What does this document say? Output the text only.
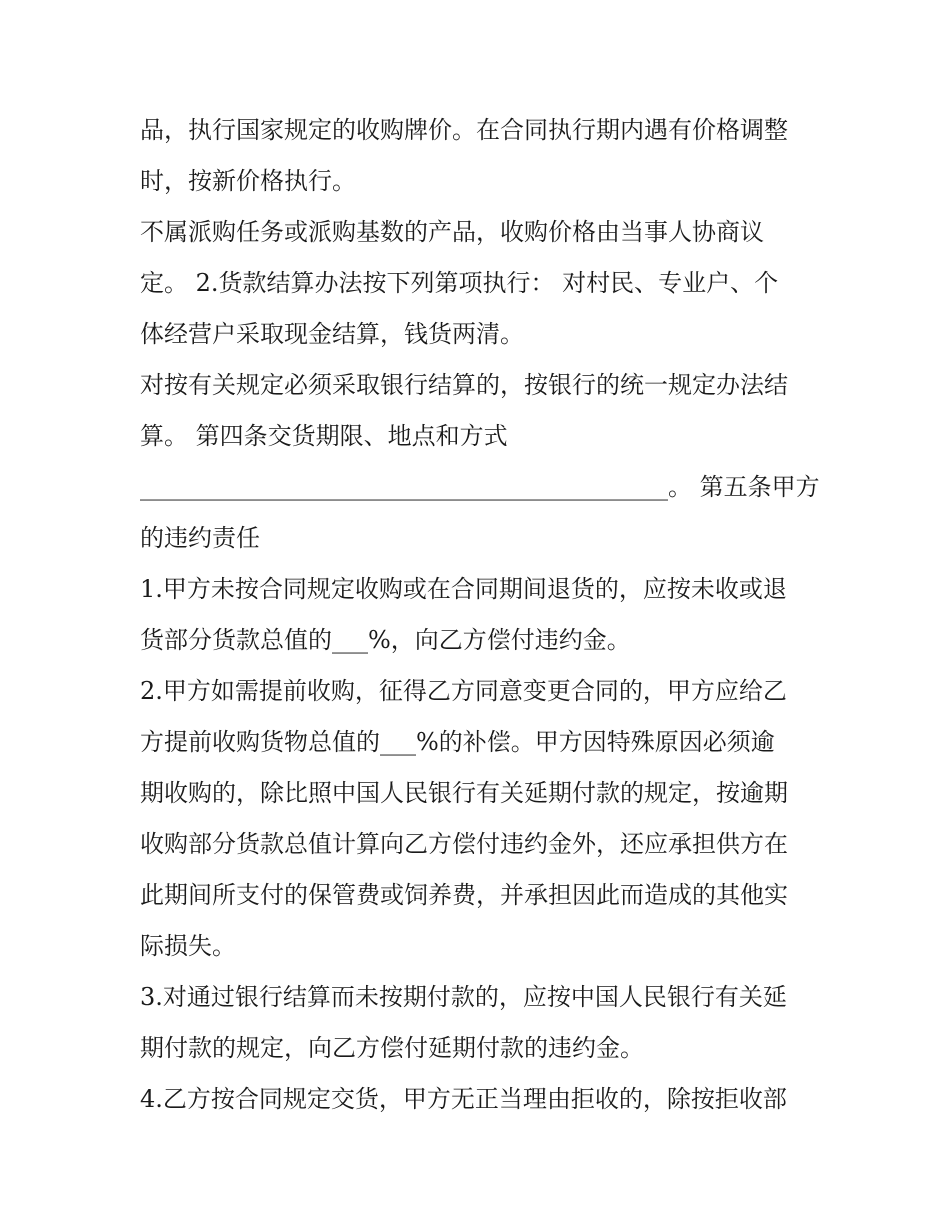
品，执行国家规定的收购牌价。在合同执行期内遇有价格调整
时，按新价格执行。
不属派购任务或派购基数的产品，收购价格由当事人协商议
定。 2.货款结算办法按下列第项执行： 对村民、专业户、个
体经营户采取现金结算，钱货两清。
对按有关规定必须采取银行结算的，按银行的统一规定办法结
算。 第四条交货期限、地点和方式
____________________________________________。 第五条甲方
的违约责任
1.甲方未按合同规定收购或在合同期间退货的，应按未收或退
货部分货款总值的___%，向乙方偿付违约金。
2.甲方如需提前收购，征得乙方同意变更合同的，甲方应给乙
方提前收购货物总值的___%的补偿。甲方因特殊原因必须逾
期收购的，除比照中国人民银行有关延期付款的规定，按逾期
收购部分货款总值计算向乙方偿付违约金外，还应承担供方在
此期间所支付的保管费或饲养费，并承担因此而造成的其他实
际损失。
3.对通过银行结算而未按期付款的，应按中国人民银行有关延
期付款的规定，向乙方偿付延期付款的违约金。
4.乙方按合同规定交货，甲方无正当理由拒收的，除按拒收部
